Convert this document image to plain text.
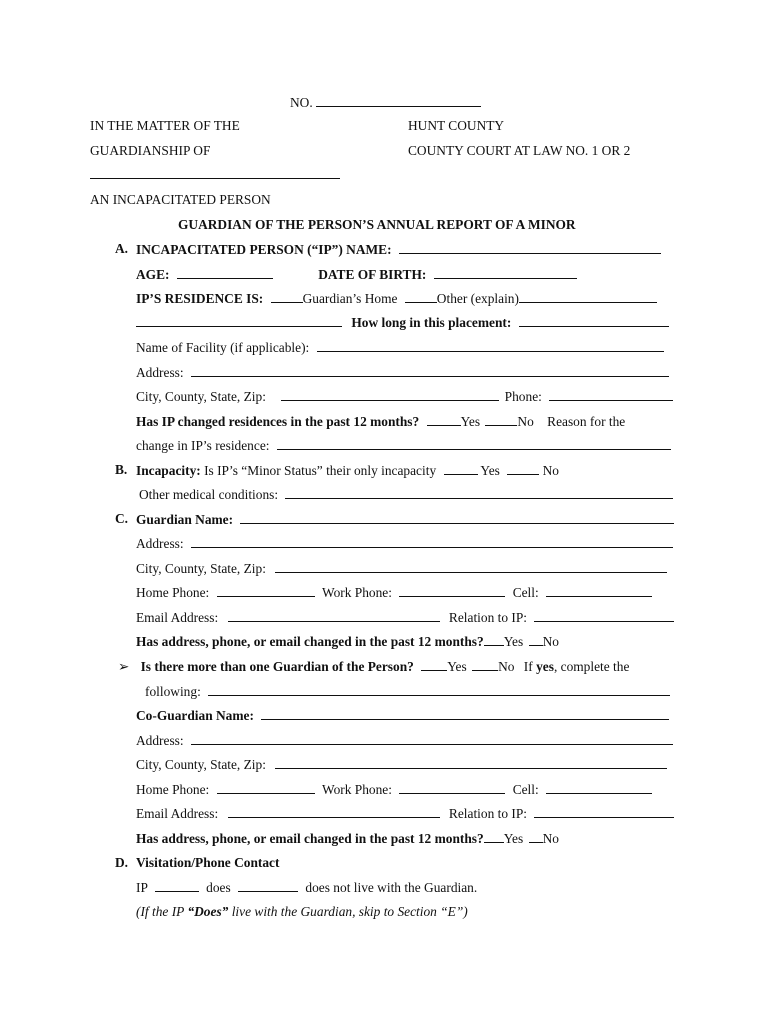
NO.
IN THE MATTER OF THE	HUNT COUNTY
GUARDIANSHIP OF	COUNTY COURT AT LAW NO. 1 OR 2
AN INCAPACITATED PERSON
GUARDIAN OF THE PERSON’S ANNUAL REPORT OF A MINOR
A. INCAPACITATED PERSON (“IP”) NAME:
AGE:	DATE OF BIRTH:
IP’S RESIDENCE IS:	Guardian’s Home	Other (explain)
How long in this placement:
Name of Facility (if applicable):
Address:
City, County, State, Zip:	Phone:
Has IP changed residences in the past 12 months?	Yes	No Reason for the
change in IP’s residence:
B. Incapacity: Is IP’s “Minor Status” their only incapacity	Yes	No
Other medical conditions:
C. Guardian Name:
Address:
City, County, State, Zip:
Home Phone:	Work Phone:	Cell:
Email Address:	Relation to IP:
Has address, phone, or email changed in the past 12 months? Yes No
➢ Is there more than one Guardian of the Person? Yes No If yes, complete the
following:
Co-Guardian Name:
Address:
City, County, State, Zip:
Home Phone:	Work Phone:	Cell:
Email Address:	Relation to IP:
Has address, phone, or email changed in the past 12 months? Yes No
D. Visitation/Phone Contact
IP	does	does not live with the Guardian.
(If the IP “Does” live with the Guardian, skip to Section “E”)
